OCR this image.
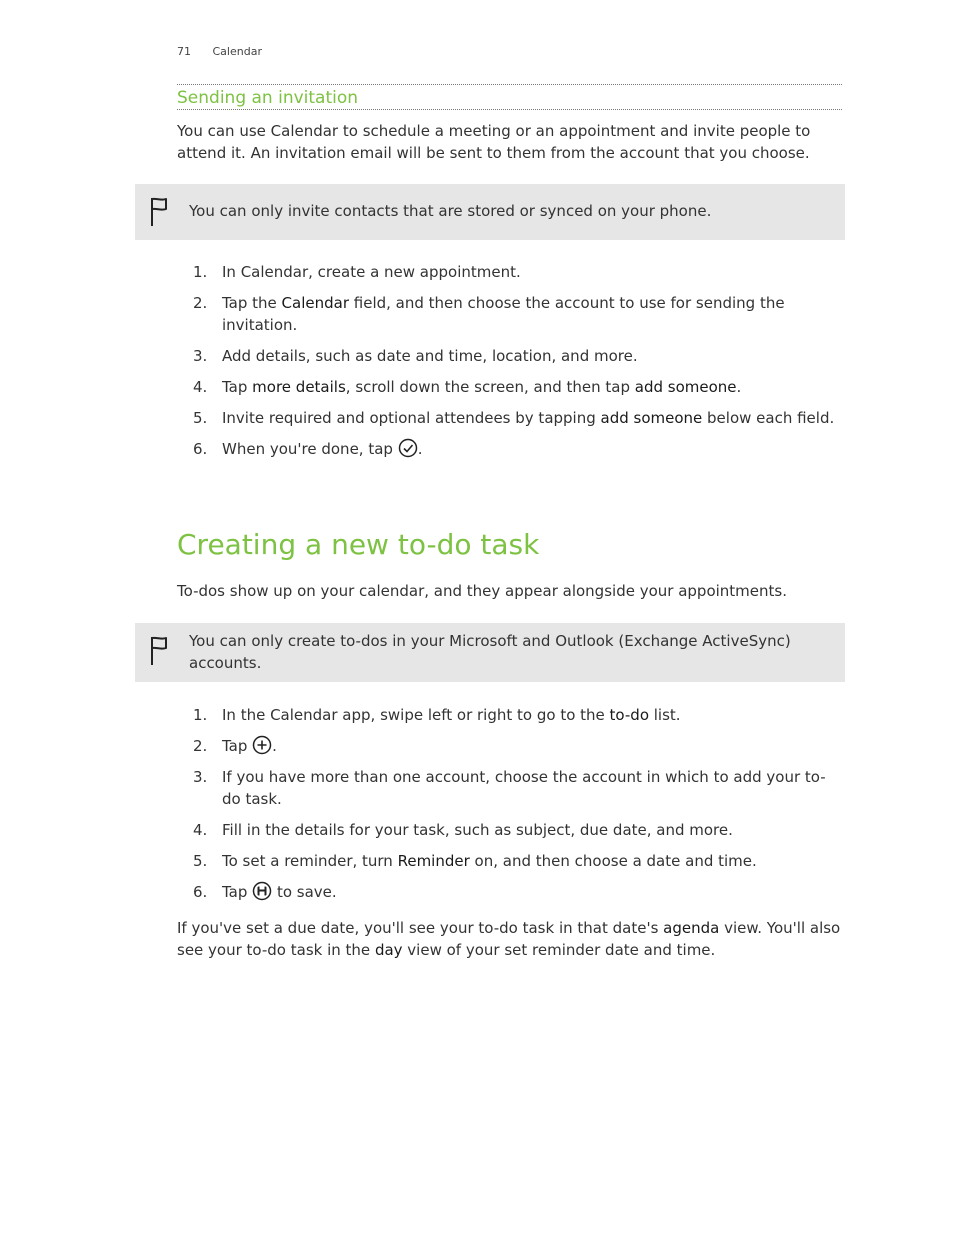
71 Calendar
Sending an invitation

You can use Calendar to schedule a meeting or an appointment and invite people to attend it. An invitation email will be sent to them from the account that you choose.

You can only invite contacts that are stored or synced on your phone.

1. In Calendar, create a new appointment.
2. Tap the Calendar field, and then choose the account to use for sending the invitation.
3. Add details, such as date and time, location, and more.
4. Tap more details, scroll down the screen, and then tap add someone.
5. Invite required and optional attendees by tapping add someone below each field.
6. When you're done, tap .
Creating a new to-do task

To-dos show up on your calendar, and they appear alongside your appointments.

You can only create to-dos in your Microsoft and Outlook (Exchange ActiveSync) accounts.

1. In the Calendar app, swipe left or right to go to the to-do list.
2. Tap .
3. If you have more than one account, choose the account in which to add your to-do task.
4. Fill in the details for your task, such as subject, due date, and more.
5. To set a reminder, turn Reminder on, and then choose a date and time.
6. Tap  to save.

If you've set a due date, you'll see your to-do task in that date's agenda view. You'll also see your to-do task in the day view of your set reminder date and time.
